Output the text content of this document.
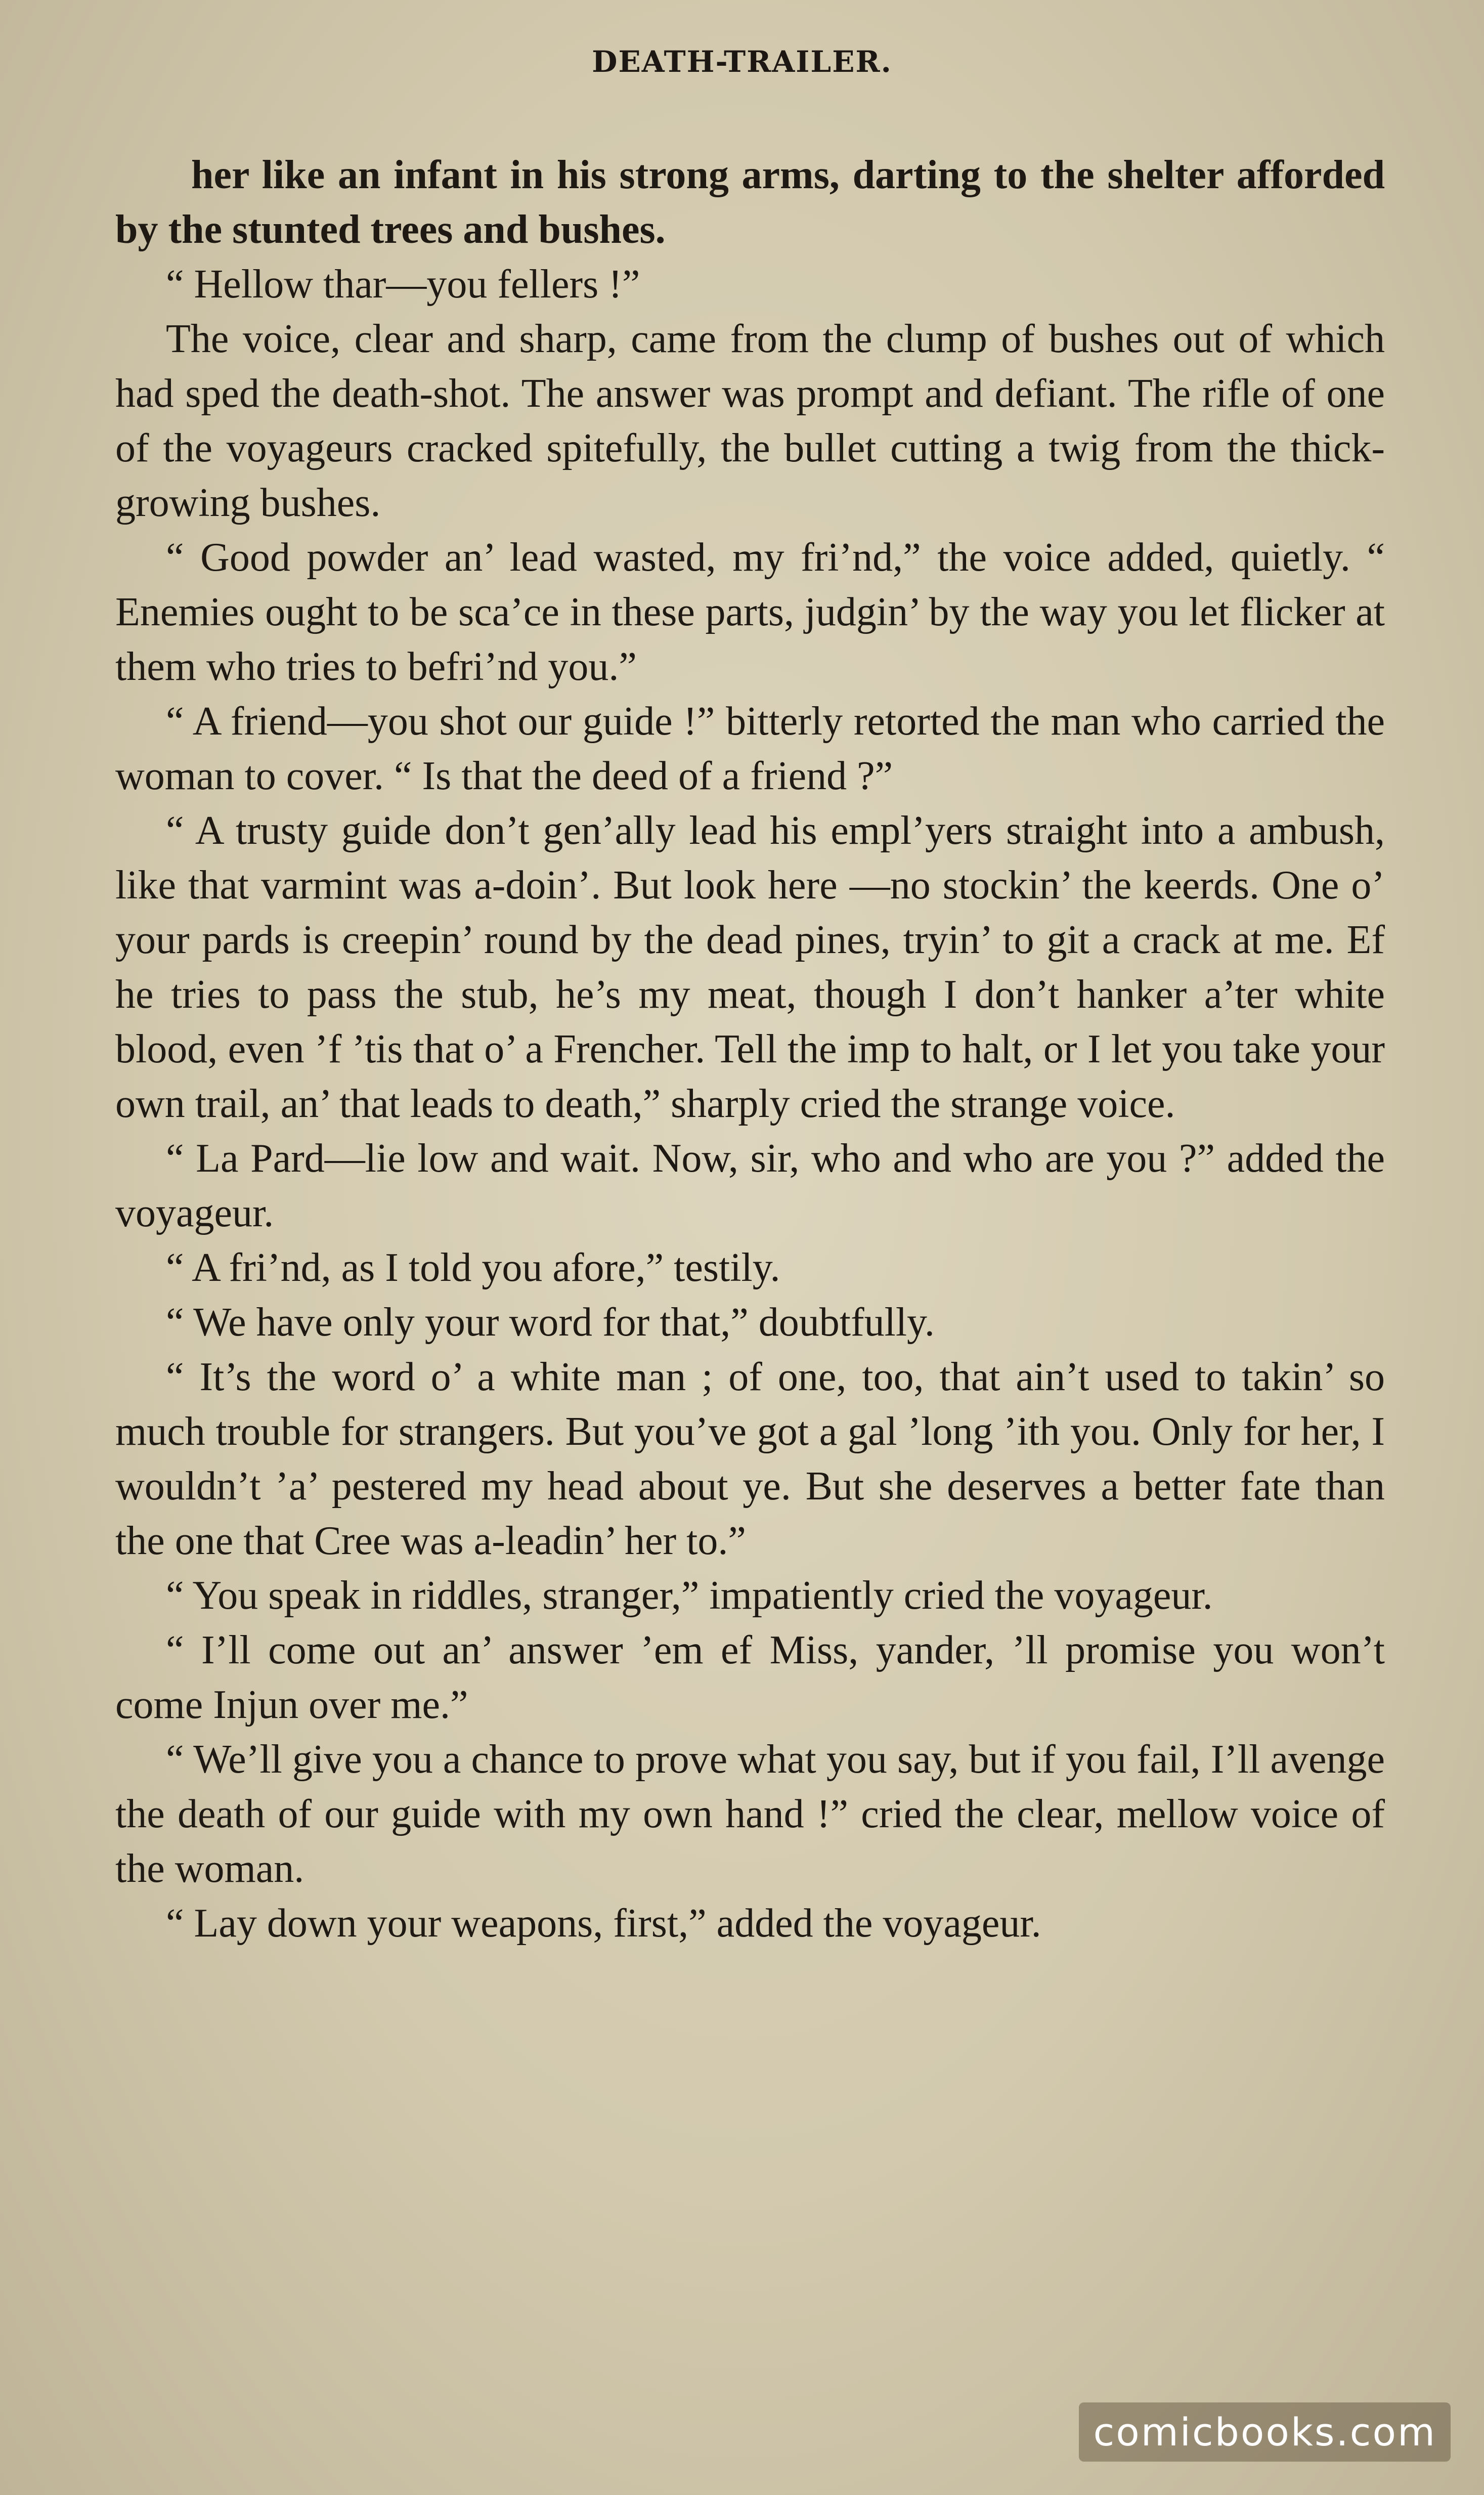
DEATH-TRAILER.

her like an infant in his strong arms, darting to the shelter afforded by the stunted trees and bushes.

“ Hellow thar—you fellers !”

The voice, clear and sharp, came from the clump of bushes out of which had sped the death-shot. The answer was prompt and defiant. The rifle of one of the voyageurs cracked spitefully, the bullet cutting a twig from the thick-growing bushes.

“ Good powder an’ lead wasted, my fri’nd,” the voice added, quietly. “ Enemies ought to be sca’ce in these parts, judgin’ by the way you let flicker at them who tries to befri’nd you.”

“ A friend—you shot our guide !” bitterly retorted the man who carried the woman to cover. “ Is that the deed of a friend ?”

“ A trusty guide don’t gen’ally lead his empl’yers straight into a ambush, like that varmint was a-doin’. But look here —no stockin’ the keerds. One o’ your pards is creepin’ round by the dead pines, tryin’ to git a crack at me. Ef he tries to pass the stub, he’s my meat, though I don’t hanker a’ter white blood, even ’f ’tis that o’ a Frencher. Tell the imp to halt, or I let you take your own trail, an’ that leads to death,” sharply cried the strange voice.

“ La Pard—lie low and wait. Now, sir, who and who are you ?” added the voyageur.

“ A fri’nd, as I told you afore,” testily.

“ We have only your word for that,” doubtfully.

“ It’s the word o’ a white man ; of one, too, that ain’t used to takin’ so much trouble for strangers. But you’ve got a gal ’long ’ith you. Only for her, I wouldn’t ’a’ pestered my head about ye. But she deserves a better fate than the one that Cree was a-leadin’ her to.”

“ You speak in riddles, stranger,” impatiently cried the voyageur.

“ I’ll come out an’ answer ’em ef Miss, yander, ’ll promise you won’t come Injun over me.”

“ We’ll give you a chance to prove what you say, but if you fail, I’ll avenge the death of our guide with my own hand !” cried the clear, mellow voice of the woman.

“ Lay down your weapons, first,” added the voyageur.

comicbooks.com
